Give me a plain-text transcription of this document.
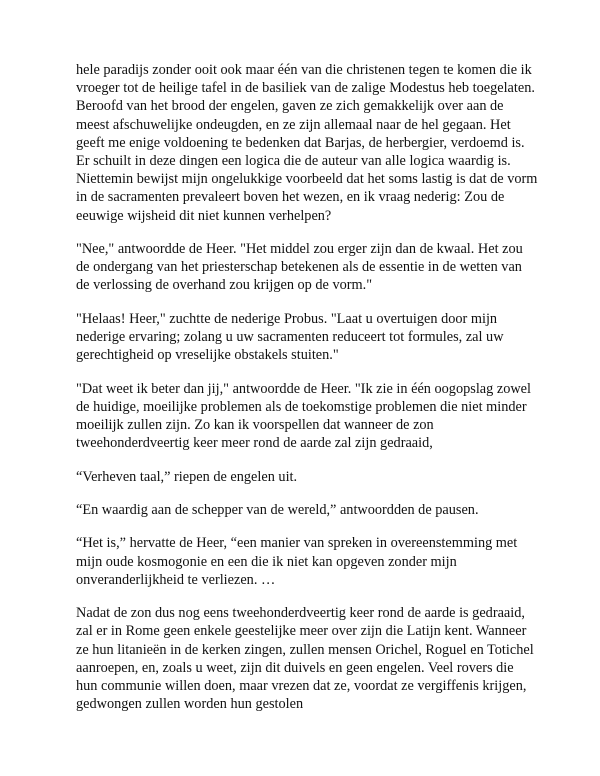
hele paradijs zonder ooit ook maar één van die christenen tegen te komen die ik vroeger tot de heilige tafel in de basiliek van de zalige Modestus heb toegelaten. Beroofd van het brood der engelen, gaven ze zich gemakkelijk over aan de meest afschuwelijke ondeugden, en ze zijn allemaal naar de hel gegaan. Het geeft me enige voldoening te bedenken dat Barjas, de herbergier, verdoemd is. Er schuilt in deze dingen een logica die de auteur van alle logica waardig is. Niettemin bewijst mijn ongelukkige voorbeeld dat het soms lastig is dat de vorm in de sacramenten prevaleert boven het wezen, en ik vraag nederig: Zou de eeuwige wijsheid dit niet kunnen verhelpen?

"Nee," antwoordde de Heer. "Het middel zou erger zijn dan de kwaal. Het zou de ondergang van het priesterschap betekenen als de essentie in de wetten van de verlossing de overhand zou krijgen op de vorm."

"Helaas! Heer," zuchtte de nederige Probus. "Laat u overtuigen door mijn nederige ervaring; zolang u uw sacramenten reduceert tot formules, zal uw gerechtigheid op vreselijke obstakels stuiten."

"Dat weet ik beter dan jij," antwoordde de Heer. "Ik zie in één oogopslag zowel de huidige, moeilijke problemen als de toekomstige problemen die niet minder moeilijk zullen zijn. Zo kan ik voorspellen dat wanneer de zon tweehonderdveertig keer meer rond de aarde zal zijn gedraaid,

“Verheven taal,” riepen de engelen uit.

“En waardig aan de schepper van de wereld,” antwoordden de pausen.

“Het is,” hervatte de Heer, “een manier van spreken in overeenstemming met mijn oude kosmogonie en een die ik niet kan opgeven zonder mijn onveranderlijkheid te verliezen. …

Nadat de zon dus nog eens tweehonderdveertig keer rond de aarde is gedraaid, zal er in Rome geen enkele geestelijke meer over zijn die Latijn kent. Wanneer ze hun litanieën in de kerken zingen, zullen mensen Orichel, Roguel en Totichel aanroepen, en, zoals u weet, zijn dit duivels en geen engelen. Veel rovers die hun communie willen doen, maar vrezen dat ze, voordat ze vergiffenis krijgen, gedwongen zullen worden hun gestolen
